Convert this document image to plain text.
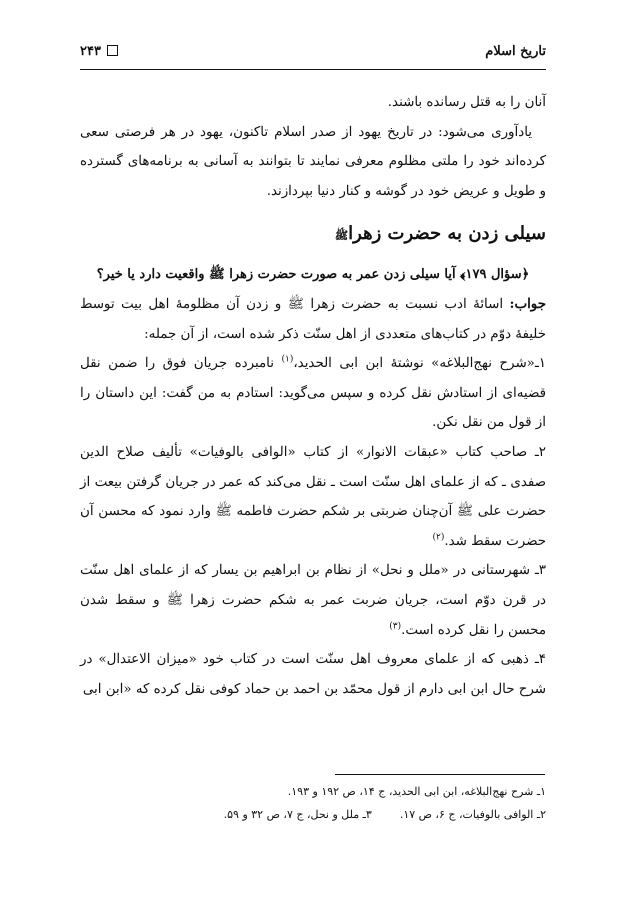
تاریخ اسلام
۲۴۳

آنان را به قتل رسانده باشند.

یادآوری می‌شود: در تاریخ یهود از صدر اسلام تاکنون، یهود در هر فرصتی سعی کرده‌اند خود را ملتی مظلوم معرفی نمایند تا بتوانند به آسانی به برنامه‌های گسترده و طویل و عریض خود در گوشه و کنار دنیا بپردازند.

سیلی زدن به حضرت زهراﷺ

﴿سؤال ۱۷۹﴾ آیا سیلی زدن عمر به صورت حضرت زهرا ﷺ واقعیت دارد یا خیر؟

جواب: اسائهٔ ادب نسبت به حضرت زهرا ﷺ و زدن آن مظلومهٔ اهل بیت توسط خلیفهٔ دوّم در کتاب‌های متعددی از اهل سنّت ذکر شده است، از آن جمله:

۱ـ«شرح نهج‌البلاغه» نوشتهٔ ابن ابی الحدید،$^{(۱)}$ نامبرده جریان فوق را ضمن نقل قضیه‌ای از استادش نقل کرده و سپس می‌گوید: استادم به من گفت: این داستان را از قول من نقل نکن.

۲ـ صاحب کتاب «عبقات الانوار» از کتاب «الوافی بالوفیات» تألیف صلاح الدین صفدی ـ که از علمای اهل سنّت است ـ نقل می‌کند که عمر در جریان گرفتن بیعت از حضرت علی ﷺ آن‌چنان ضربتی بر شکم حضرت فاطمه ﷺ وارد نمود که محسن آن حضرت سقط شد.$^{(۲)}$

۳ـ شهرستانی در «ملل و نحل» از نظام بن ابراهیم بن یسار که از علمای اهل سنّت در قرن دوّم است، جریان ضربت عمر به شکم حضرت زهرا ﷺ و سقط شدن محسن را نقل کرده است.$^{(۳)}$

۴ـ ذهبی که از علمای معروف اهل سنّت است در کتاب خود «میزان الاعتدال» در شرح حال ابن ابی دارم از قول محمّد بن احمد بن حماد کوفی نقل کرده که «ابن ابی

۱ـ شرح نهج‌البلاغه، ابن ابی الحدید، ج ۱۴، ص ۱۹۲ و ۱۹۳.
۲ـ الوافی بالوفیات، ج ۶، ص ۱۷.
۳ـ ملل و نحل، ج ۷، ص ۳۲ و ۵۹.
